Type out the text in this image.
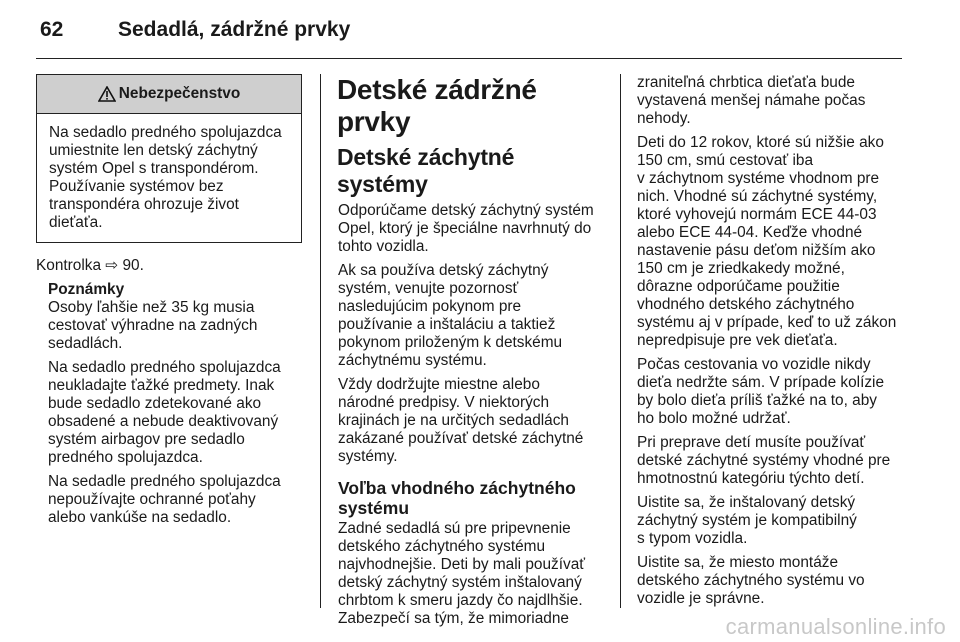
62	Sedadlá, zádržné prvky
Nebezpečenstvo
Na sedadlo predného spolujazdca
umiestnite len detský záchytný
systém Opel s transpondérom.
Používanie systémov bez
transpondéra ohrozuje život
dieťaťa.
Kontrolka ⇨ 90.
Poznámky
Osoby ľahšie než 35 kg musia
cestovať výhradne na zadných
sedadlách.
Na sedadlo predného spolujazdca
neukladajte ťažké predmety. Inak
bude sedadlo zdetekované ako
obsadené a nebude deaktivovaný
systém airbagov pre sedadlo
predného spolujazdca.
Na sedadle predného spolujazdca
nepoužívajte ochranné poťahy
alebo vankúše na sedadlo.
Detské zádržné prvky
Detské záchytné systémy
Odporúčame detský záchytný systém
Opel, ktorý je špeciálne navrhnutý do
tohto vozidla.
Ak sa používa detský záchytný
systém, venujte pozornosť
nasledujúcim pokynom pre
používanie a inštaláciu a taktiež
pokynom priloženým k detskému
záchytnému systému.
Vždy dodržujte miestne alebo
národné predpisy. V niektorých
krajinách je na určitých sedadlách
zakázané používať detské záchytné
systémy.
Voľba vhodného záchytného
systému
Zadné sedadlá sú pre pripevnenie
detského záchytného systému
najvhodnejšie. Deti by mali používať
detský záchytný systém inštalovaný
chrbtom k smeru jazdy čo najdlhšie.
Zabezpečí sa tým, že mimoriadne
zraniteľná chrbtica dieťaťa bude
vystavená menšej námahe počas
nehody.
Deti do 12 rokov, ktoré sú nižšie ako
150 cm, smú cestovať iba
v záchytnom systéme vhodnom pre
nich. Vhodné sú záchytné systémy,
ktoré vyhovejú normám ECE 44-03
alebo ECE 44-04. Keďže vhodné
nastavenie pásu deťom nižším ako
150 cm je zriedkakedy možné,
dôrazne odporúčame použitie
vhodného detského záchytného
systému aj v prípade, keď to už zákon
nepredpisuje pre vek dieťaťa.
Počas cestovania vo vozidle nikdy
dieťa nedržte sám. V prípade kolízie
by bolo dieťa príliš ťažké na to, aby
ho bolo možné udržať.
Pri preprave detí musíte používať
detské záchytné systémy vhodné pre
hmotnostnú kategóriu týchto detí.
Uistite sa, že inštalovaný detský
záchytný systém je kompatibilný
s typom vozidla.
Uistite sa, že miesto montáže
detského záchytného systému vo
vozidle je správne.
carmanualsonline.info
